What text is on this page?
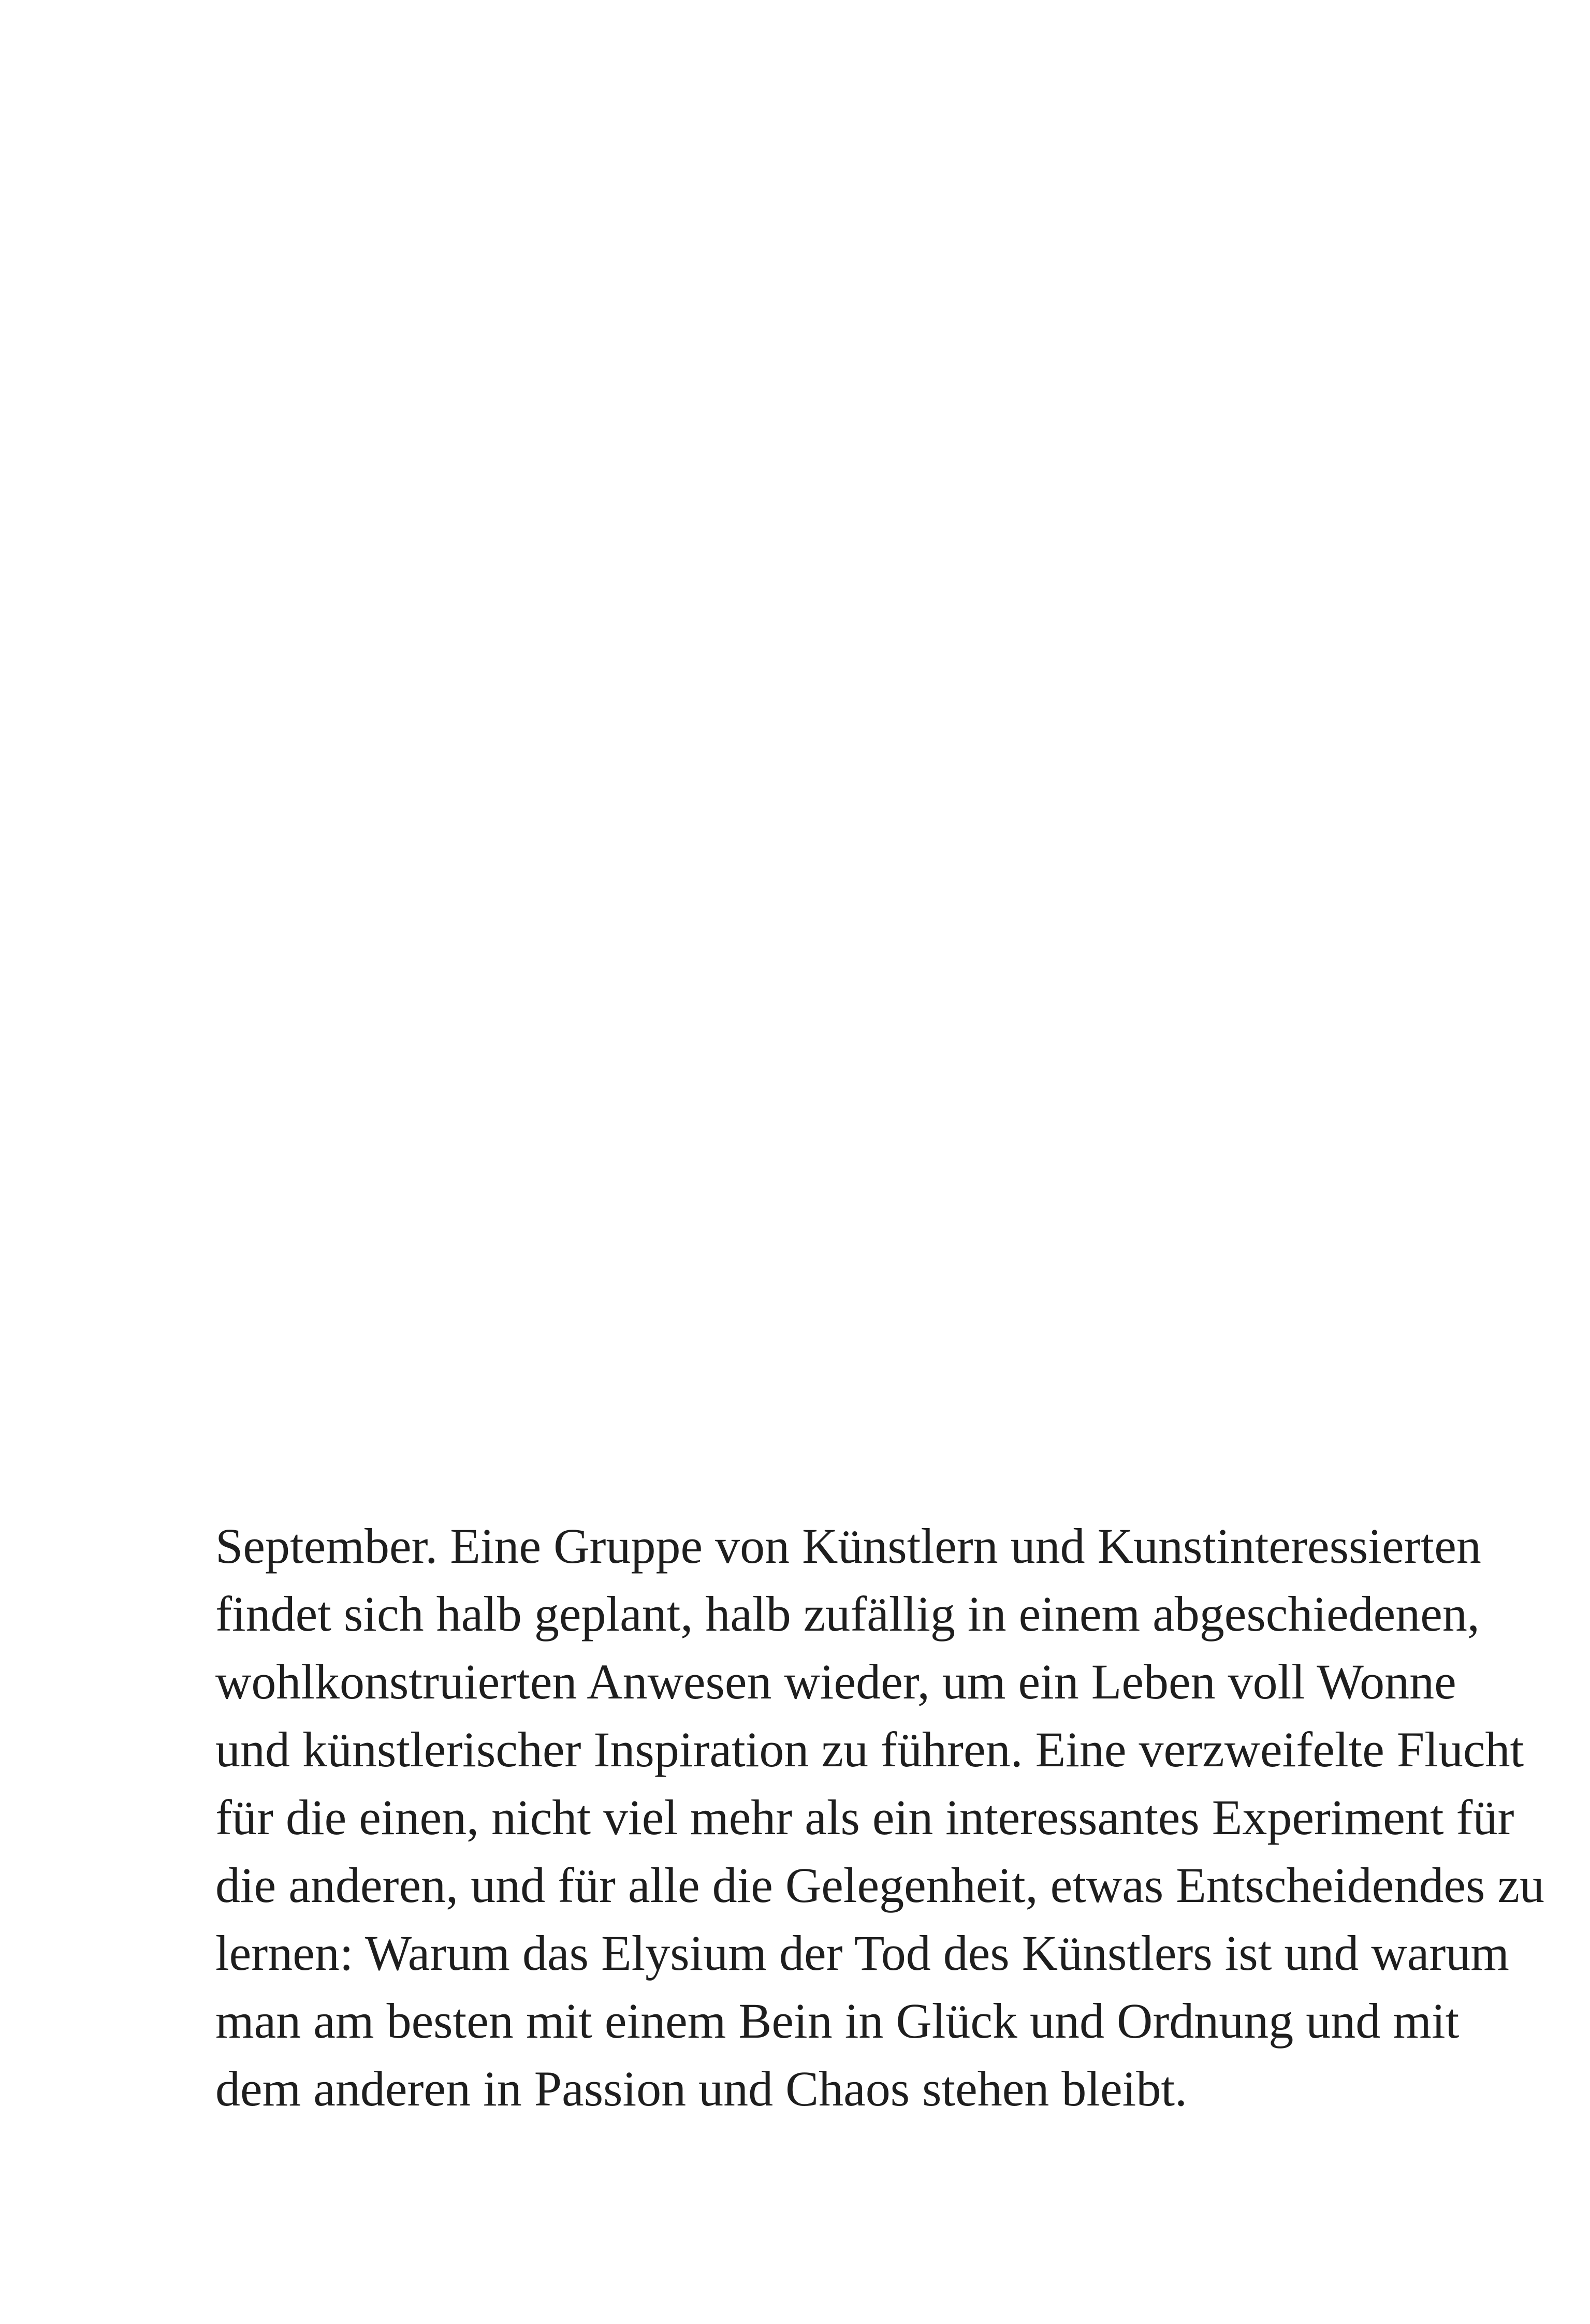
September. Eine Gruppe von Künstlern und Kunstinteressierten
findet sich halb geplant, halb zufällig in einem abgeschiedenen,
wohlkonstruierten Anwesen wieder, um ein Leben voll Wonne
und künstlerischer Inspiration zu führen. Eine verzweifelte Flucht
für die einen, nicht viel mehr als ein interessantes Experiment für
die anderen, und für alle die Gelegenheit, etwas Entscheidendes zu
lernen: Warum das Elysium der Tod des Künstlers ist und warum
man am besten mit einem Bein in Glück und Ordnung und mit
dem anderen in Passion und Chaos stehen bleibt.
